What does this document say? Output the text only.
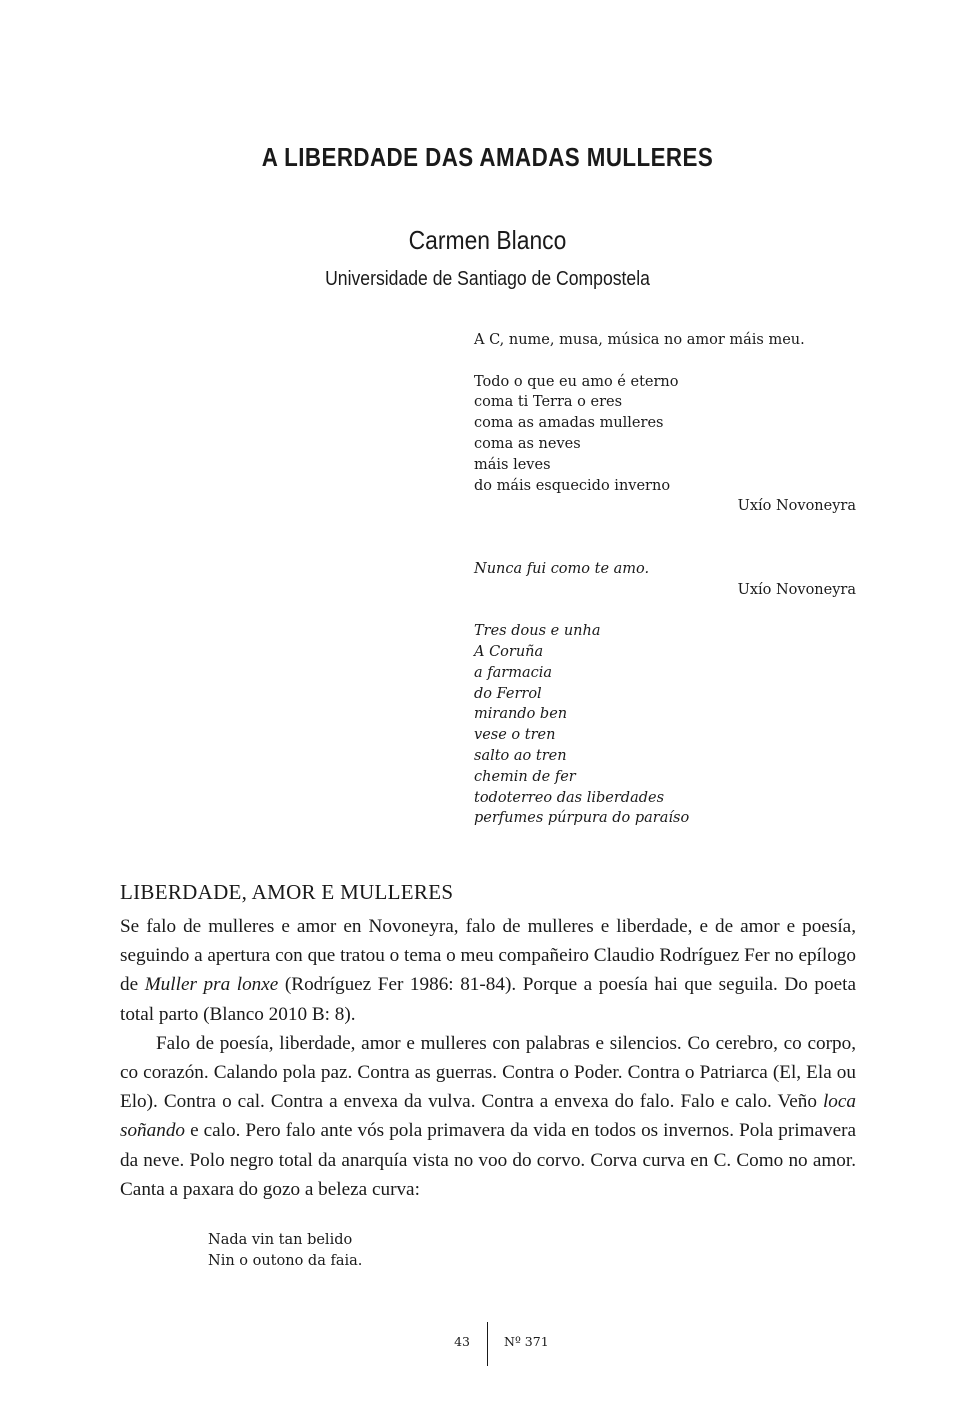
A LIBERDADE DAS AMADAS MULLERES
Carmen Blanco
Universidade de Santiago de Compostela
A C, nume, musa, música no amor máis meu.
Todo o que eu amo é eterno
coma ti Terra o eres
coma as amadas mulleres
coma as neves
máis leves
do máis esquecido inverno
Uxío Novoneyra
Nunca fui como te amo.
Uxío Novoneyra
Tres dous e unha
A Coruña
a farmacia
do Ferrol
mirando ben
vese o tren
salto ao tren
chemin de fer
todoterreo das liberdades
perfumes púrpura do paraíso
LIBERDADE, AMOR E MULLERES

Se falo de mulleres e amor en Novoneyra, falo de mulleres e liberdade, e de amor e poesía, seguindo a apertura con que tratou o tema o meu compañeiro Claudio Rodríguez Fer no epílogo de Muller pra lonxe (Rodríguez Fer 1986: 81-84). Porque a poesía hai que seguila. Do poeta total parto (Blanco 2010 B: 8).

Falo de poesía, liberdade, amor e mulleres con palabras e silencios. Co cerebro, co corpo, co corazón. Calando pola paz. Contra as guerras. Contra o Poder. Contra o Patriarca (El, Ela ou Elo). Contra o cal. Contra a envexa da vulva. Contra a envexa do falo. Falo e calo. Veño loca soñando e calo. Pero falo ante vós pola primavera da vida en todos os invernos. Pola primavera da neve. Polo negro total da anarquía vista no voo do corvo. Corva curva en C. Como no amor. Canta a paxara do gozo a beleza curva:

Nada vin tan belido
Nin o outono da faia.
43	Nº 371
